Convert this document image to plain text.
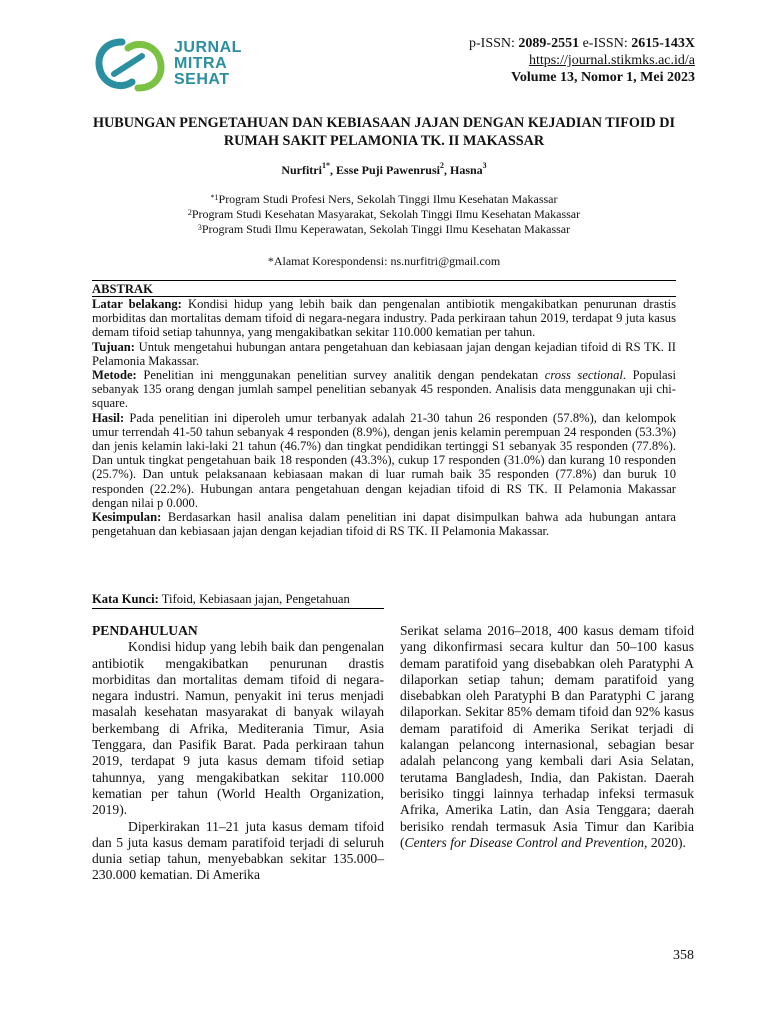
JURNAL
MITRA
SEHAT
p-ISSN: 2089-2551 e-ISSN: 2615-143X
https://journal.stikmks.ac.id/a
Volume 13, Nomor 1, Mei 2023
HUBUNGAN PENGETAHUAN DAN KEBIASAAN JAJAN DENGAN KEJADIAN TIFOID DI RUMAH SAKIT PELAMONIA TK. II MAKASSAR
Nurfitri$^{1*}$, Esse Puji Pawenrusi$^2$, Hasna$^3$
$^{*1}$Program Studi Profesi Ners, Sekolah Tinggi Ilmu Kesehatan Makassar
$^2$Program Studi Kesehatan Masyarakat, Sekolah Tinggi Ilmu Kesehatan Makassar
$^3$Program Studi Ilmu Keperawatan, Sekolah Tinggi Ilmu Kesehatan Makassar
*Alamat Korespondensi: ns.nurfitri@gmail.com
ABSTRAK

Latar belakang: Kondisi hidup yang lebih baik dan pengenalan antibiotik mengakibatkan penurunan drastis morbiditas dan mortalitas demam tifoid di negara-negara industry. Pada perkiraan tahun 2019, terdapat 9 juta kasus demam tifoid setiap tahunnya, yang mengakibatkan sekitar 110.000 kematian per tahun.

Tujuan: Untuk mengetahui hubungan antara pengetahuan dan kebiasaan jajan dengan kejadian tifoid di RS TK. II Pelamonia Makassar.

Metode: Penelitian ini menggunakan penelitian survey analitik dengan pendekatan cross sectional. Populasi sebanyak 135 orang dengan jumlah sampel penelitian sebanyak 45 responden. Analisis data menggunakan uji chi-square.

Hasil: Pada penelitian ini diperoleh umur terbanyak adalah 21-30 tahun 26 responden (57.8%), dan kelompok umur terrendah 41-50 tahun sebanyak 4 responden (8.9%), dengan jenis kelamin perempuan 24 responden (53.3%) dan jenis kelamin laki-laki 21 tahun (46.7%) dan tingkat pendidikan tertinggi S1 sebanyak 35 responden (77.8%). Dan untuk tingkat pengetahuan baik 18 responden (43.3%), cukup 17 responden (31.0%) dan kurang 10 responden (25.7%). Dan untuk pelaksanaan kebiasaan makan di luar rumah baik 35 responden (77.8%) dan buruk 10 responden (22.2%). Hubungan antara pengetahuan dengan kejadian tifoid di RS TK. II Pelamonia Makassar dengan nilai p 0.000.

Kesimpulan: Berdasarkan hasil analisa dalam penelitian ini dapat disimpulkan bahwa ada hubungan antara pengetahuan dan kebiasaan jajan dengan kejadian tifoid di RS TK. II Pelamonia Makassar.

Kata Kunci: Tifoid, Kebiasaan jajan, Pengetahuan

PENDAHULUAN

Kondisi hidup yang lebih baik dan pengenalan antibiotik mengakibatkan penurunan drastis morbiditas dan mortalitas demam tifoid di negara-negara industri. Namun, penyakit ini terus menjadi masalah kesehatan masyarakat di banyak wilayah berkembang di Afrika, Mediterania Timur, Asia Tenggara, dan Pasifik Barat. Pada perkiraan tahun 2019, terdapat 9 juta kasus demam tifoid setiap tahunnya, yang mengakibatkan sekitar 110.000 kematian per tahun (World Health Organization, 2019).

Diperkirakan 11–21 juta kasus demam tifoid dan 5 juta kasus demam paratifoid terjadi di seluruh dunia setiap tahun, menyebabkan sekitar 135.000–230.000 kematian. Di Amerika

Serikat selama 2016–2018, 400 kasus demam tifoid yang dikonfirmasi secara kultur dan 50–100 kasus demam paratifoid yang disebabkan oleh Paratyphi A dilaporkan setiap tahun; demam paratifoid yang disebabkan oleh Paratyphi B dan Paratyphi C jarang dilaporkan. Sekitar 85% demam tifoid dan 92% kasus demam paratifoid di Amerika Serikat terjadi di kalangan pelancong internasional, sebagian besar adalah pelancong yang kembali dari Asia Selatan, terutama Bangladesh, India, dan Pakistan. Daerah berisiko tinggi lainnya terhadap infeksi termasuk Afrika, Amerika Latin, dan Asia Tenggara; daerah berisiko rendah termasuk Asia Timur dan Karibia (Centers for Disease Control and Prevention, 2020).

358
